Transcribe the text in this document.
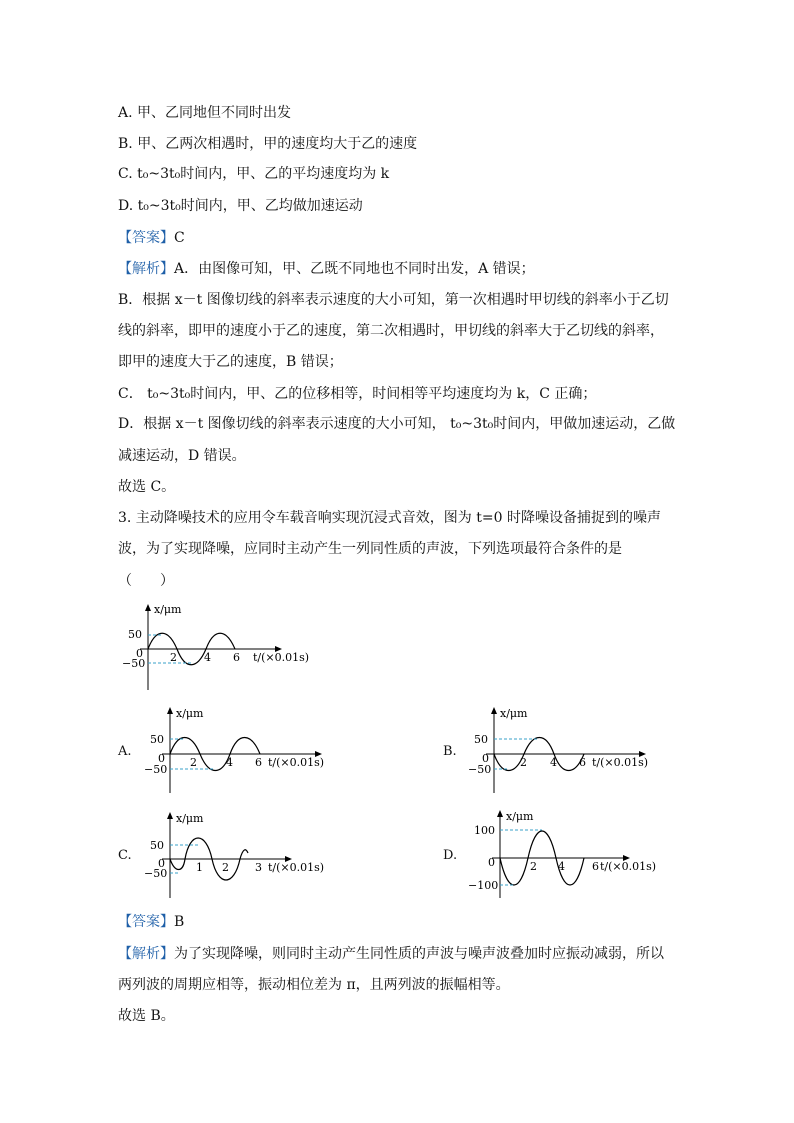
A. 甲、乙同地但不同时出发
B. 甲、乙两次相遇时，甲的速度均大于乙的速度
C. t₀~3t₀时间内，甲、乙的平均速度均为 k
D. t₀~3t₀时间内，甲、乙均做加速运动
【答案】C
【解析】A．由图像可知，甲、乙既不同地也不同时出发，A 错误；
B．根据 x－t 图像切线的斜率表示速度的大小可知，第一次相遇时甲切线的斜率小于乙切
线的斜率，即甲的速度小于乙的速度，第二次相遇时，甲切线的斜率大于乙切线的斜率，
即甲的速度大于乙的速度，B 错误；
C． t₀~3t₀时间内，甲、乙的位移相等，时间相等平均速度均为 k，C 正确；
D．根据 x－t 图像切线的斜率表示速度的大小可知， t₀~3t₀时间内，甲做加速运动，乙做
减速运动，D 错误。
故选 C。
3. 主动降噪技术的应用令车载音响实现沉浸式音效，图为 t=0 时降噪设备捕捉到的噪声
波，为了实现降噪，应同时主动产生一列同性质的声波，下列选项最符合条件的是
（　　）
x/μm
50
0
−50 2 4 6 t/(×0.01s)
A.
x/μm
50
0
−50
2	4 6 t/(×0.01s)
B.
x/μm
50
0
−50
2 4 6 t/(×0.01s)
C.
x/μm
50
0
−50	1 2 3 t/(×0.01s)
D.
x/μm
100
0
−100
2 4 6 t/(×0.01s)
【答案】B
【解析】为了实现降噪，则同时主动产生同性质的声波与噪声波叠加时应振动减弱，所以
两列波的周期应相等，振动相位差为 π，且两列波的振幅相等。
故选 B。
